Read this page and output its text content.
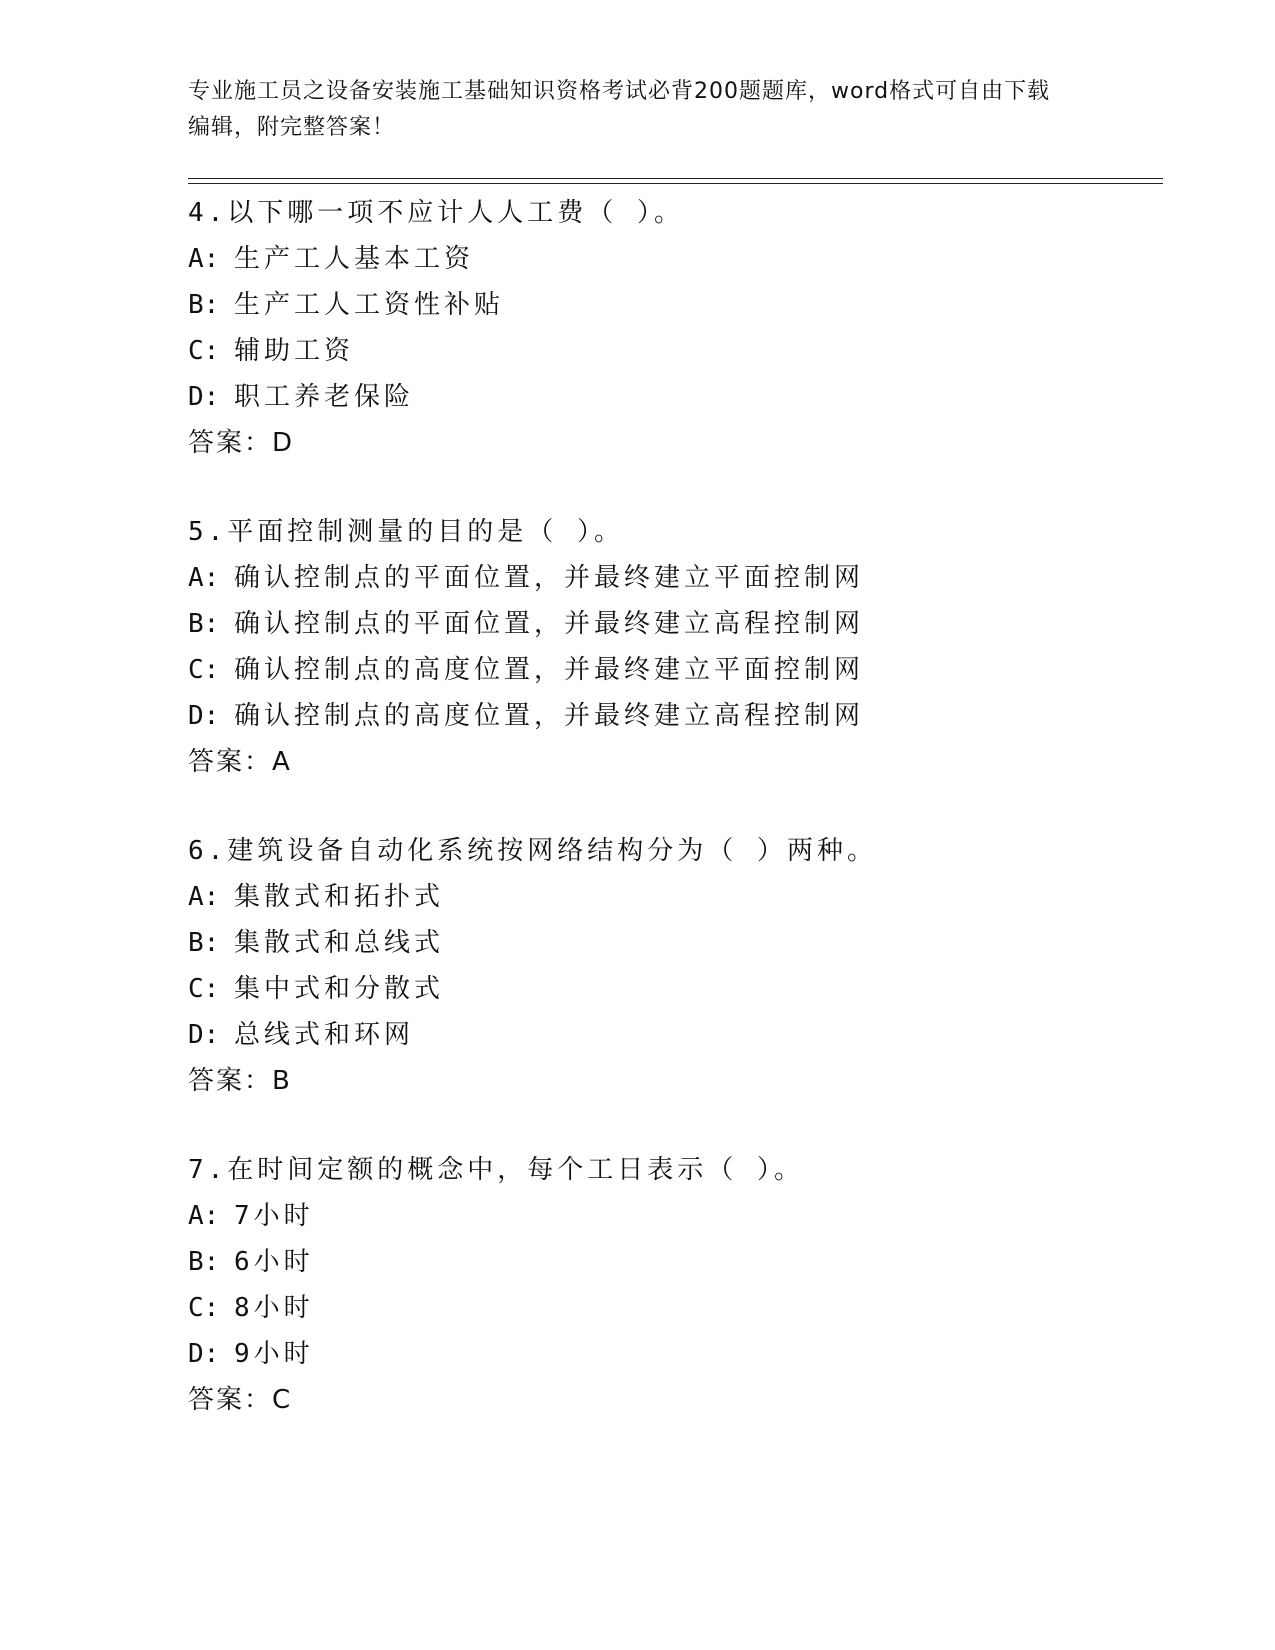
专业施工员之设备安装施工基础知识资格考试必背200题题库，word格式可自由下载编辑，附完整答案！
4.以下哪一项不应计人人工费（ ）。
A: 生产工人基本工资
B: 生产工人工资性补贴
C: 辅助工资
D: 职工养老保险
答案：D
5.平面控制测量的目的是（ ）。
A: 确认控制点的平面位置，并最终建立平面控制网
B: 确认控制点的平面位置，并最终建立高程控制网
C: 确认控制点的高度位置，并最终建立平面控制网
D: 确认控制点的高度位置，并最终建立高程控制网
答案：A
6.建筑设备自动化系统按网络结构分为（ ）两种。
A: 集散式和拓扑式
B: 集散式和总线式
C: 集中式和分散式
D: 总线式和环网
答案：B
7.在时间定额的概念中，每个工日表示（ ）。
A: 7小时
B: 6小时
C: 8小时
D: 9小时
答案：C
